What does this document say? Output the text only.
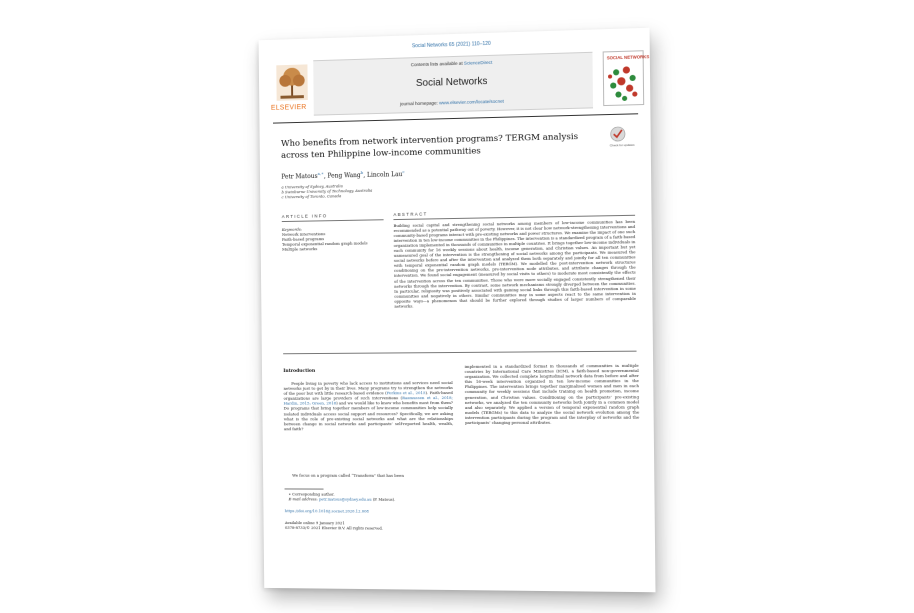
Social Networks 65 (2021) 110–120
ELSEVIER
Contents lists available at ScienceDirect
Social Networks
journal homepage: www.elsevier.com/locate/socnet
SOCIAL NETWORKS
Who benefits from network intervention programs? TERGM analysis across ten Philippine low-income communities
Check for updates
Petr Matous$^{a,∗}$, Peng Wang$^b$, Lincoln Lau$^c$
a University of Sydney, Australia
b Swinburne University of Technology, Australia
c University of Toronto, Canada
ARTICLE INFO	ABSTRACT
Keywords:
Network interventions
Faith-based programs
Temporal exponential random graph models
Multiple networks
Building social capital and strengthening social networks among members of low-income communities has been recommended as a potential pathway out of poverty. However, it is not clear how network-strengthening interventions and community-based programs interact with pre-existing networks and power structures. We examine the impact of one such intervention in ten low-income communities in the Philippines. The intervention is a standardized program of a faith-based organization implemented in thousands of communities in multiple countries. It brings together low-income individuals in each community for 16 weekly sessions about health, income generation, and Christian values. An important but yet unmeasured goal of the intervention is the strengthening of social networks among the participants. We measured the social networks before and after the intervention and analyzed them both separately and jointly for all ten communities with temporal exponential random graph models (TERGM). We modelled the post-intervention network structures conditioning on the pre-intervention networks, pre-intervention node attributes, and attribute changes through the intervention. We found social engagement (measured by social visits to others) to moderate most consistently the effects of the intervention across the ten communities. Those who were more socially engaged consistently strengthened their networks through the intervention. By contrast, some network mechanisms strongly diverged between the communities. In particular, religiosity was positively associated with gaining social links through this faith-based intervention in some communities and negatively in others. Similar communities may in some aspects react to the same intervention in opposite ways—a phenomenon that should be further explored through studies of larger numbers of comparable networks.
Introduction
People living in poverty who lack access to institutions and services need social networks just to get by in their lives. Many programs try to strengthen the networks of the poor but with little research-based evidence (Perkins et al., 2015). Faith-based organizations are large providers of such interventions (Rasmussen et al., 2018; Hardin, 2015; Green, 2016) and we would like to know who benefits most from them? Do programs that bring together members of low-income communities help socially isolated individuals access social support and resources? Specifically, we are asking what is the role of pre-existing social networks and what are the relationships between change in social networks and participants’ self-reported health, wealth, and faith?
We focus on a program called “Transform” that has been
implemented in a standardized format in thousands of communities in multiple countries by International Care Ministries (ICM), a faith-based non-governmental organization. We collected complete longitudinal network data from before and after this 16-week intervention organized in ten low-income communities in the Philippines. The intervention brings together marginalised women and men in each community for weekly sessions that include training on health promotion, income generation, and Christian values. Conditioning on the participants’ pre-existing networks, we analyzed the ten community networks both jointly in a common model and also separately. We applied a version of temporal exponential random graph models (TERGMs) to this data to analyze the social network evolution among the intervention participants during the program and the interplay of networks and the participants’ changing personal attributes.
∗ Corresponding author.
E-mail address: petr.matous@sydney.edu.au (P. Matous).
https://doi.org/10.1016/j.socnet.2020.12.008
Available online 9 January 2021
0378-8733/© 2021 Elsevier B.V. All rights reserved.
